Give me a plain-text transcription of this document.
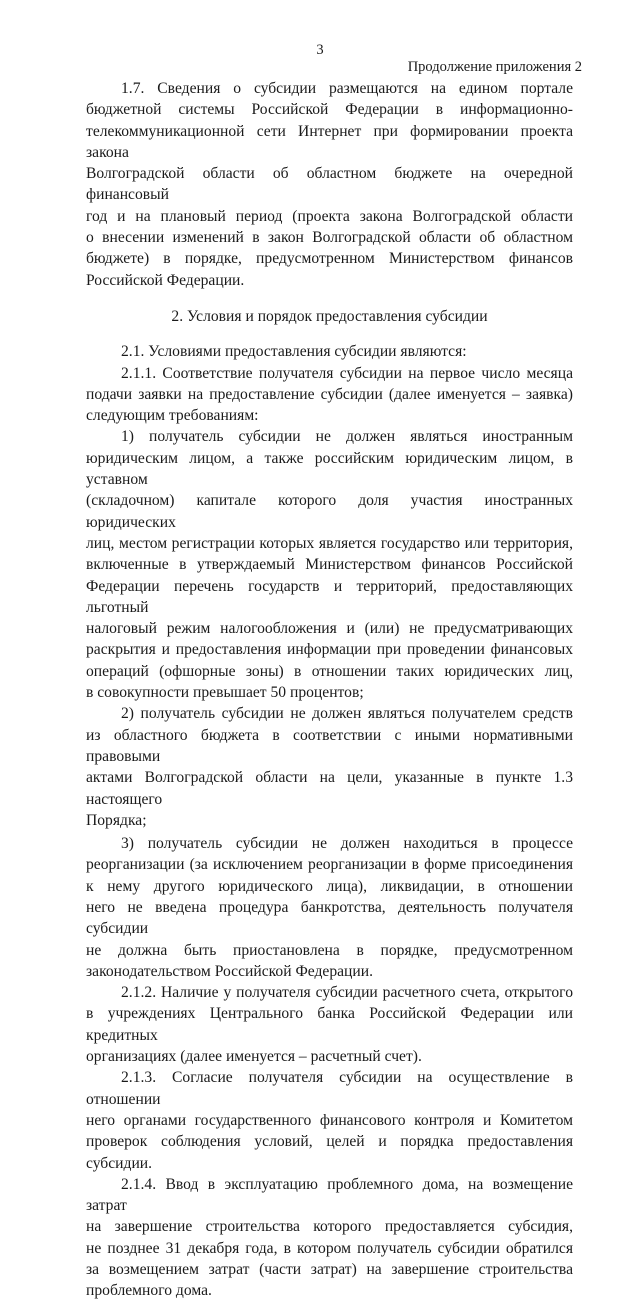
3
Продолжение приложения 2

1.7. Сведения о субсидии размещаются на едином портале

бюджетной системы Российской Федерации в информационно-

телекоммуникационной сети Интернет при формировании проекта закона

Волгоградской области об областном бюджете на очередной финансовый

год и на плановый период (проекта закона Волгоградской области

о внесении изменений в закон Волгоградской области об областном

бюджете) в порядке, предусмотренном Министерством финансов

Российской Федерации.

2. Условия и порядок предоставления субсидии

2.1. Условиями предоставления субсидии являются:

2.1.1. Соответствие получателя субсидии на первое число месяца

подачи заявки на предоставление субсидии (далее именуется – заявка)

следующим требованиям:

1) получатель субсидии не должен являться иностранным

юридическим лицом, а также российским юридическим лицом, в уставном

(складочном) капитале которого доля участия иностранных юридических

лиц, местом регистрации которых является государство или территория,

включенные в утверждаемый Министерством финансов Российской

Федерации перечень государств и территорий, предоставляющих льготный

налоговый режим налогообложения и (или) не предусматривающих

раскрытия и предоставления информации при проведении финансовых

операций (офшорные зоны) в отношении таких юридических лиц,

в совокупности превышает 50 процентов;

2) получатель субсидии не должен являться получателем средств

из областного бюджета в соответствии с иными нормативными правовыми

актами Волгоградской области на цели, указанные в пункте 1.3 настоящего

Порядка;

3) получатель субсидии не должен находиться в процессе

реорганизации (за исключением реорганизации в форме присоединения

к нему другого юридического лица), ликвидации, в отношении

него не введена процедура банкротства, деятельность получателя субсидии

не должна быть приостановлена в порядке, предусмотренном

законодательством Российской Федерации.

2.1.2. Наличие у получателя субсидии расчетного счета, открытого

в учреждениях Центрального банка Российской Федерации или кредитных

организациях (далее именуется – расчетный счет).

2.1.3. Согласие получателя субсидии на осуществление в отношении

него органами государственного финансового контроля и Комитетом

проверок соблюдения условий, целей и порядка предоставления субсидии.

2.1.4. Ввод в эксплуатацию проблемного дома, на возмещение затрат

на завершение строительства которого предоставляется субсидия,

не позднее 31 декабря года, в котором получатель субсидии обратился

за возмещением затрат (части затрат) на завершение строительства

проблемного дома.
